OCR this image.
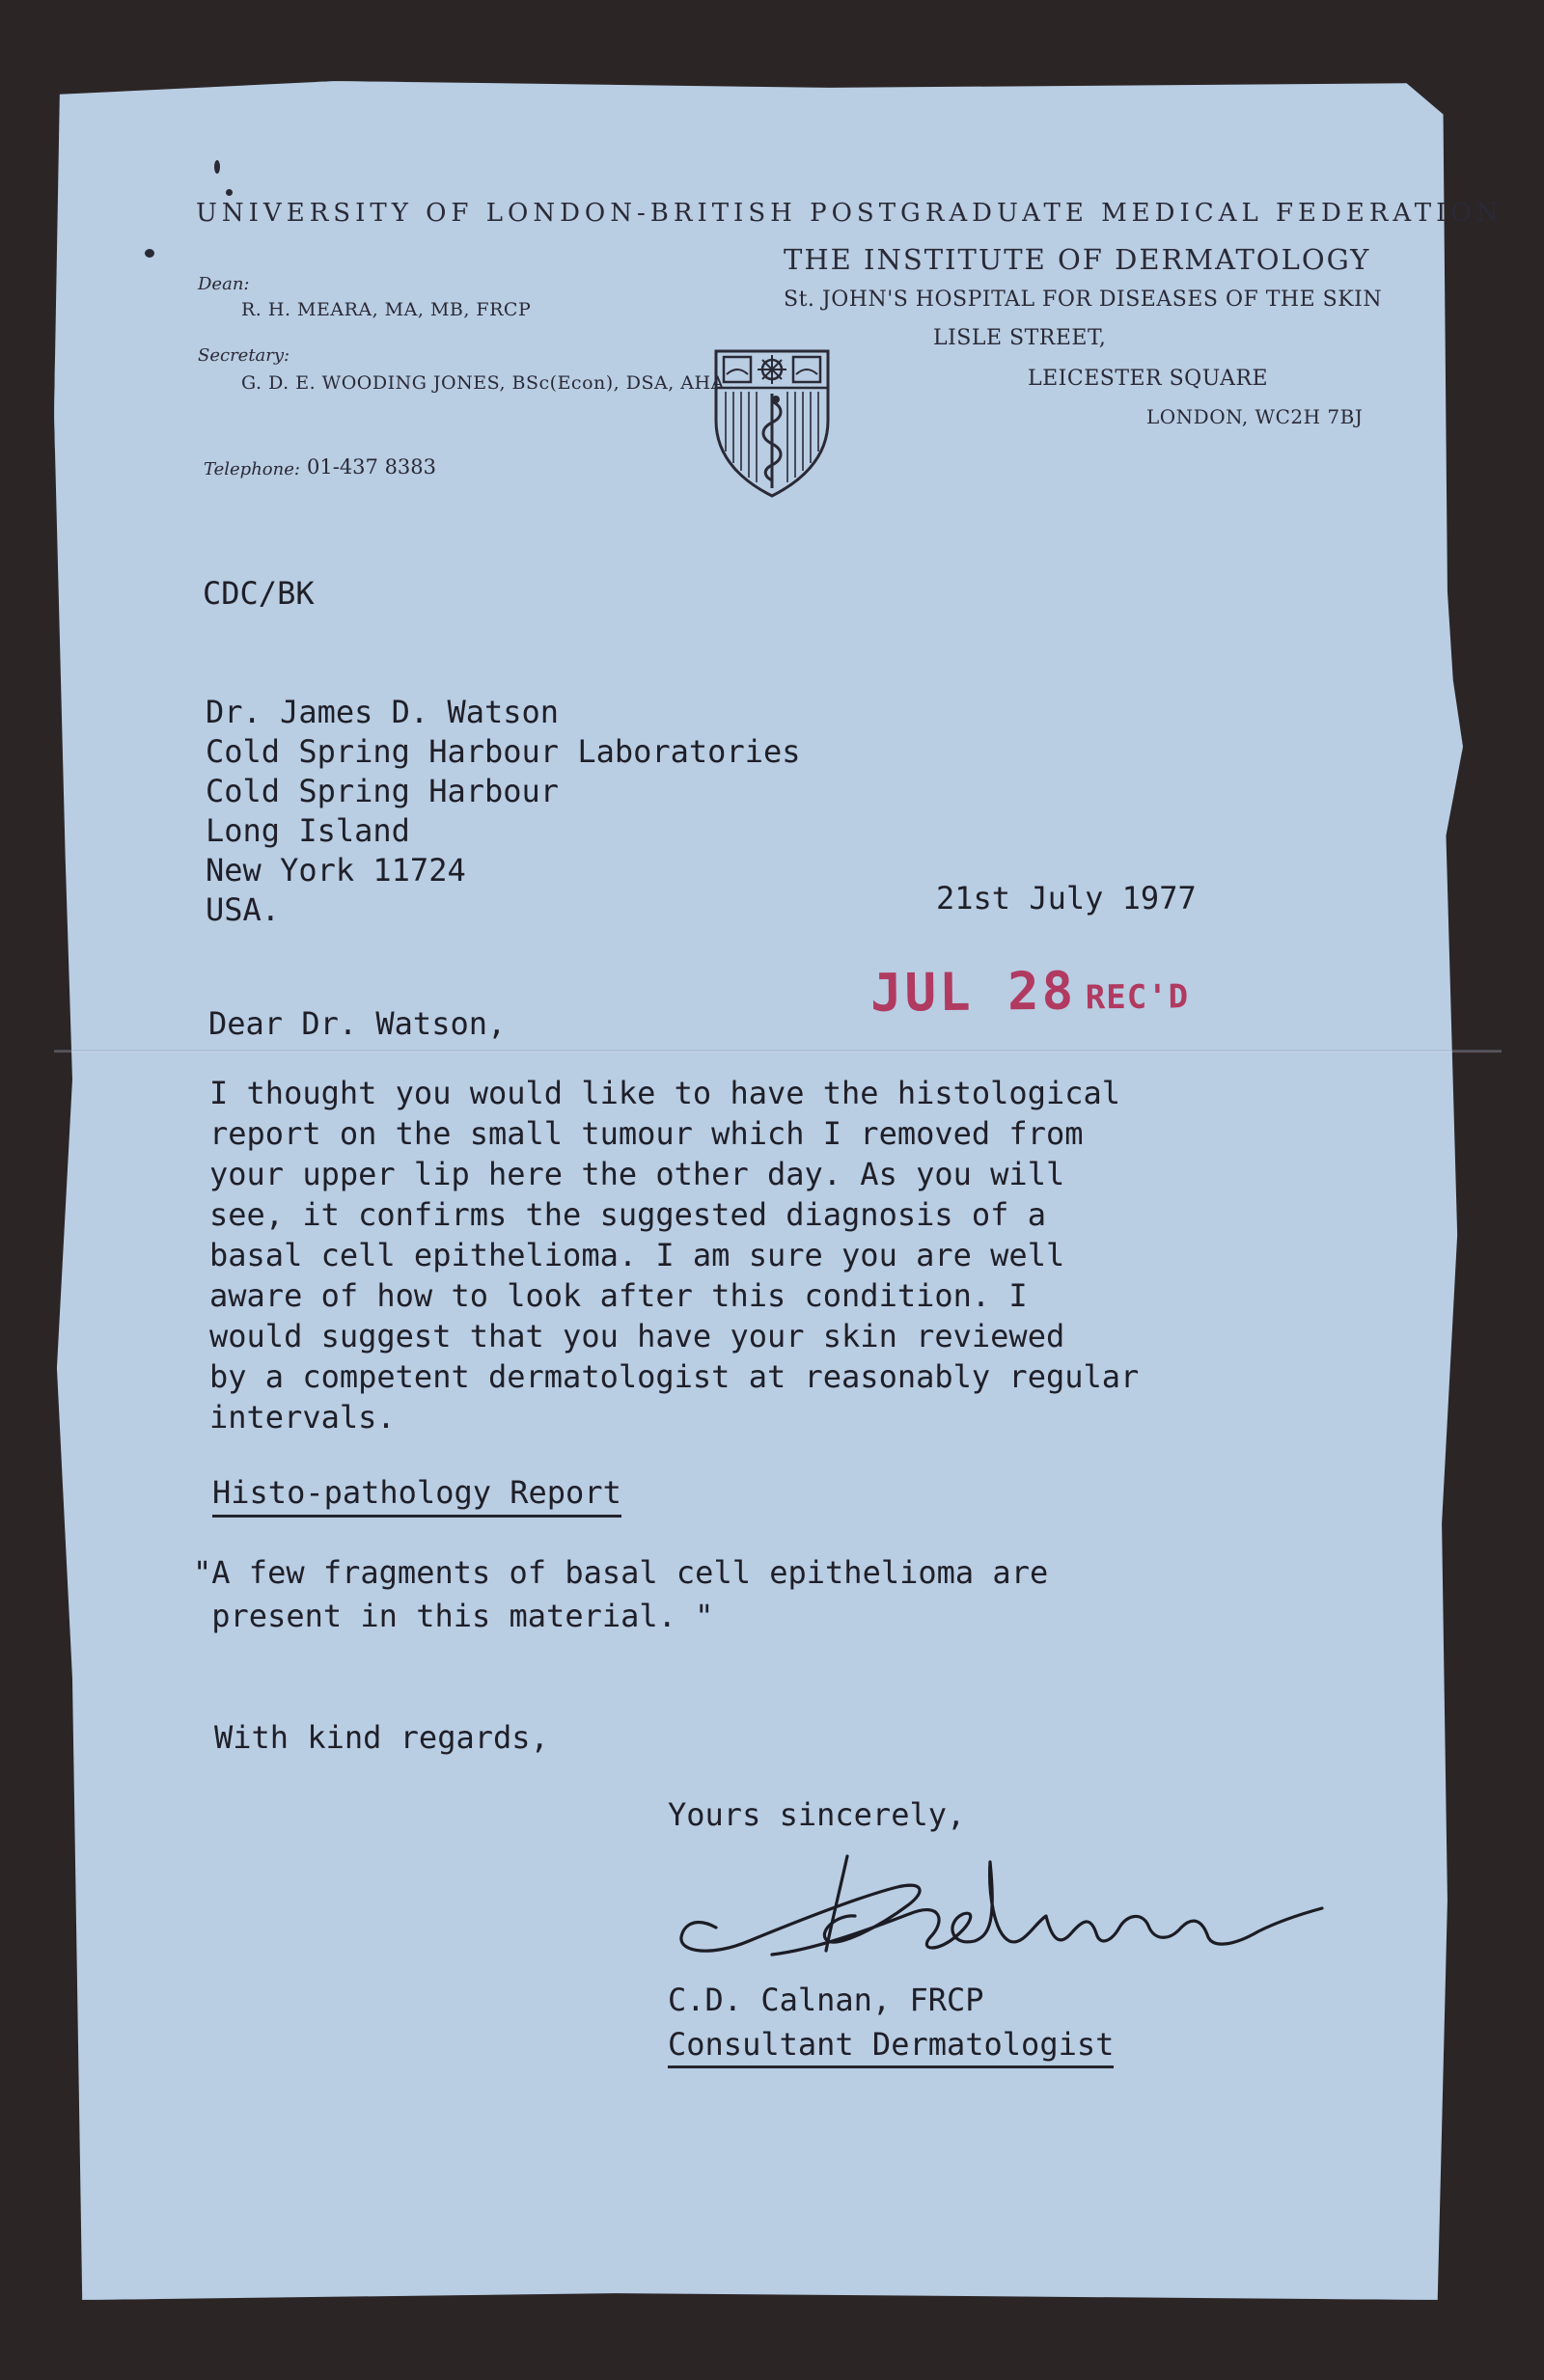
UNIVERSITY OF LONDON-BRITISH POSTGRADUATE MEDICAL FEDERATION
THE INSTITUTE OF DERMATOLOGY
St. JOHN'S HOSPITAL FOR DISEASES OF THE SKIN
LISLE STREET,
LEICESTER SQUARE
LONDON, WC2H 7BJ
Dean:
R. H. MEARA, MA, MB, FRCP
Secretary:
G. D. E. WOODING JONES, BSc(Econ), DSA, AHA
Telephone: 01-437 8383
CDC/BK
Dr. James D. Watson
Cold Spring Harbour Laboratories
Cold Spring Harbour
Long Island
New York 11724
USA.	21st July 1977
JUL 28 REC'D
Dear Dr. Watson,
I thought you would like to have the histological
report on the small tumour which I removed from
your upper lip here the other day. As you will
see, it confirms the suggested diagnosis of a
basal cell epithelioma. I am sure you are well
aware of how to look after this condition. I
would suggest that you have your skin reviewed
by a competent dermatologist at reasonably regular
intervals.
Histo-pathology Report
"A few fragments of basal cell epithelioma are
present in this material. "
With kind regards,
Yours sincerely,
C.D. Calnan, FRCP
Consultant Dermatologist
